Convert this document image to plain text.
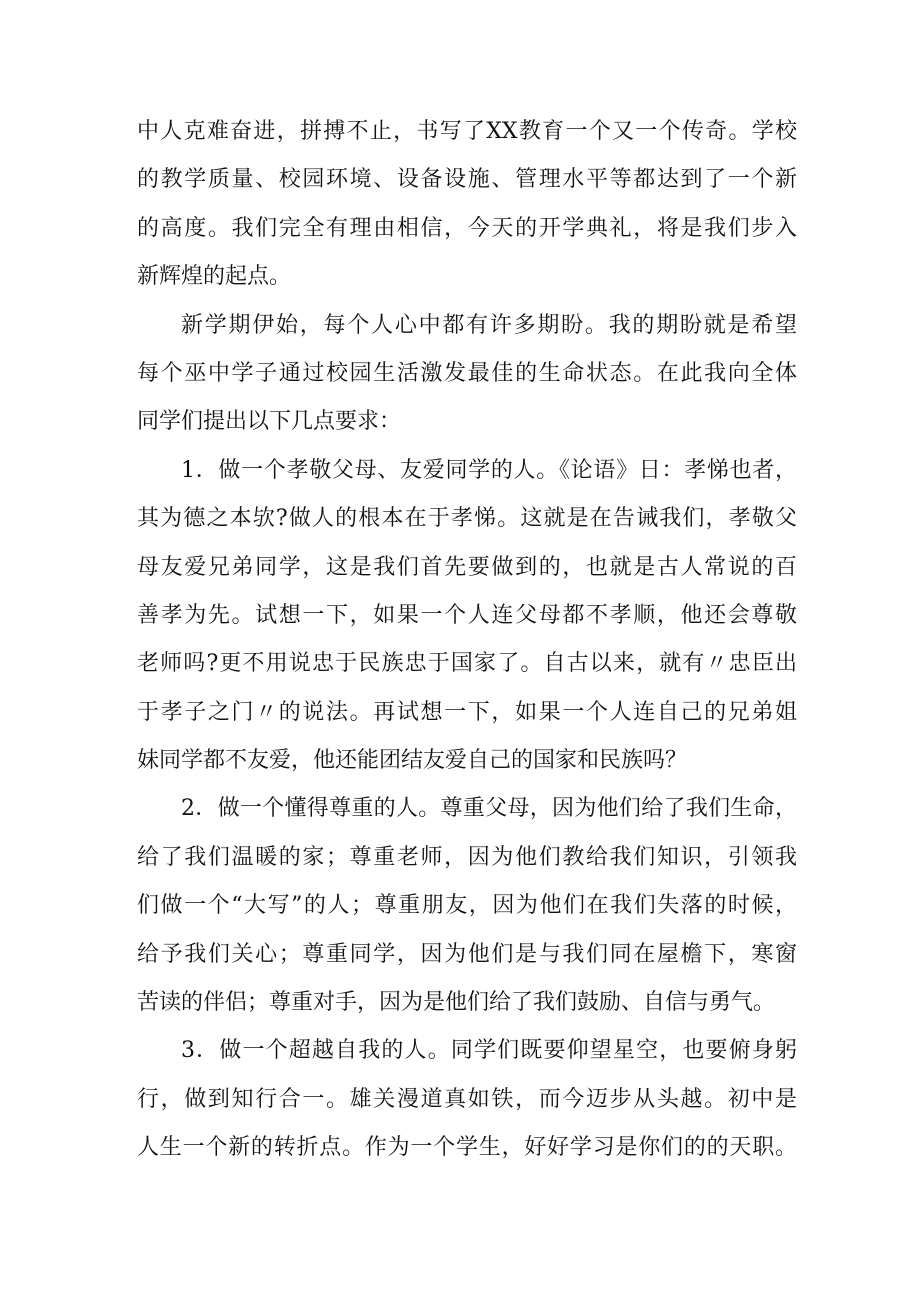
中人克难奋进，拼搏不止，书写了XX教育一个又一个传奇。学校
的教学质量、校园环境、设备设施、管理水平等都达到了一个新
的高度。我们完全有理由相信，今天的开学典礼，将是我们步入
新辉煌的起点。
新学期伊始，每个人心中都有许多期盼。我的期盼就是希望
每个巫中学子通过校园生活激发最佳的生命状态。在此我向全体
同学们提出以下几点要求：
1．做一个孝敬父母、友爱同学的人。《论语》日：孝悌也者，
其为德之本欤?做人的根本在于孝悌。这就是在告诫我们，孝敬父
母友爱兄弟同学，这是我们首先要做到的，也就是古人常说的百
善孝为先。试想一下，如果一个人连父母都不孝顺，他还会尊敬
老师吗?更不用说忠于民族忠于国家了。自古以来，就有〃忠臣出
于孝子之门〃的说法。再试想一下，如果一个人连自己的兄弟姐
妹同学都不友爱，他还能团结友爱自己的国家和民族吗？
2．做一个懂得尊重的人。尊重父母，因为他们给了我们生命，
给了我们温暖的家；尊重老师，因为他们教给我们知识，引领我
们做一个“大写”的人；尊重朋友，因为他们在我们失落的时候，
给予我们关心；尊重同学，因为他们是与我们同在屋檐下，寒窗
苦读的伴侣；尊重对手，因为是他们给了我们鼓励、自信与勇气。
3．做一个超越自我的人。同学们既要仰望星空，也要俯身躬
行，做到知行合一。雄关漫道真如铁，而今迈步从头越。初中是
人生一个新的转折点。作为一个学生，好好学习是你们的的天职。
